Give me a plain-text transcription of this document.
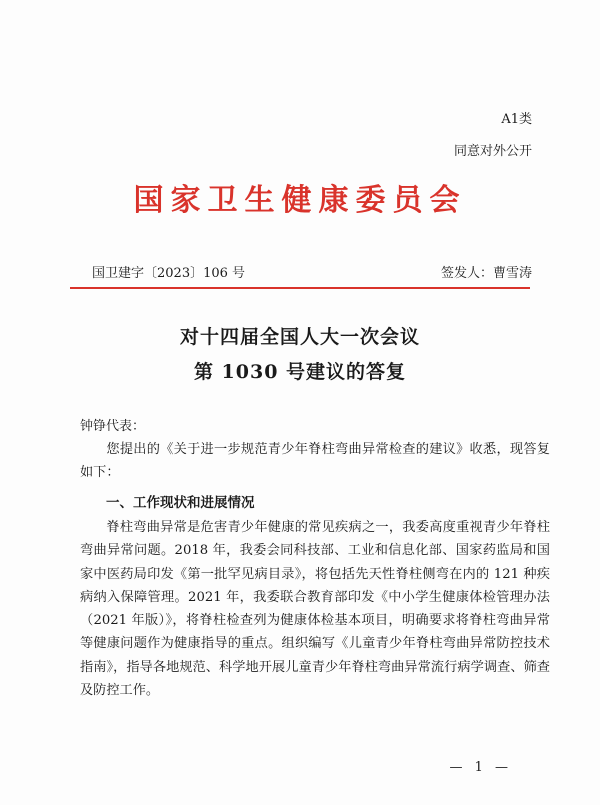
A1类
同意对外公开
国家卫生健康委员会
国卫建字〔2023〕106 号	签发人：曹雪涛
对十四届全国人大一次会议
第 1030 号建议的答复
钟铮代表：

您提出的《关于进一步规范青少年脊柱弯曲异常检查的建议》收悉，现答复如下：

一、工作现状和进展情况

脊柱弯曲异常是危害青少年健康的常见疾病之一，我委高度重视青少年脊柱弯曲异常问题。2018 年，我委会同科技部、工业和信息化部、国家药监局和国家中医药局印发《第一批罕见病目录》，将包括先天性脊柱侧弯在内的 121 种疾病纳入保障管理。2021 年，我委联合教育部印发《中小学生健康体检管理办法（2021 年版）》，将脊柱检查列为健康体检基本项目，明确要求将脊柱弯曲异常等健康问题作为健康指导的重点。组织编写《儿童青少年脊柱弯曲异常防控技术指南》，指导各地规范、科学地开展儿童青少年脊柱弯曲异常流行病学调查、筛查及防控工作。

— 1 —
